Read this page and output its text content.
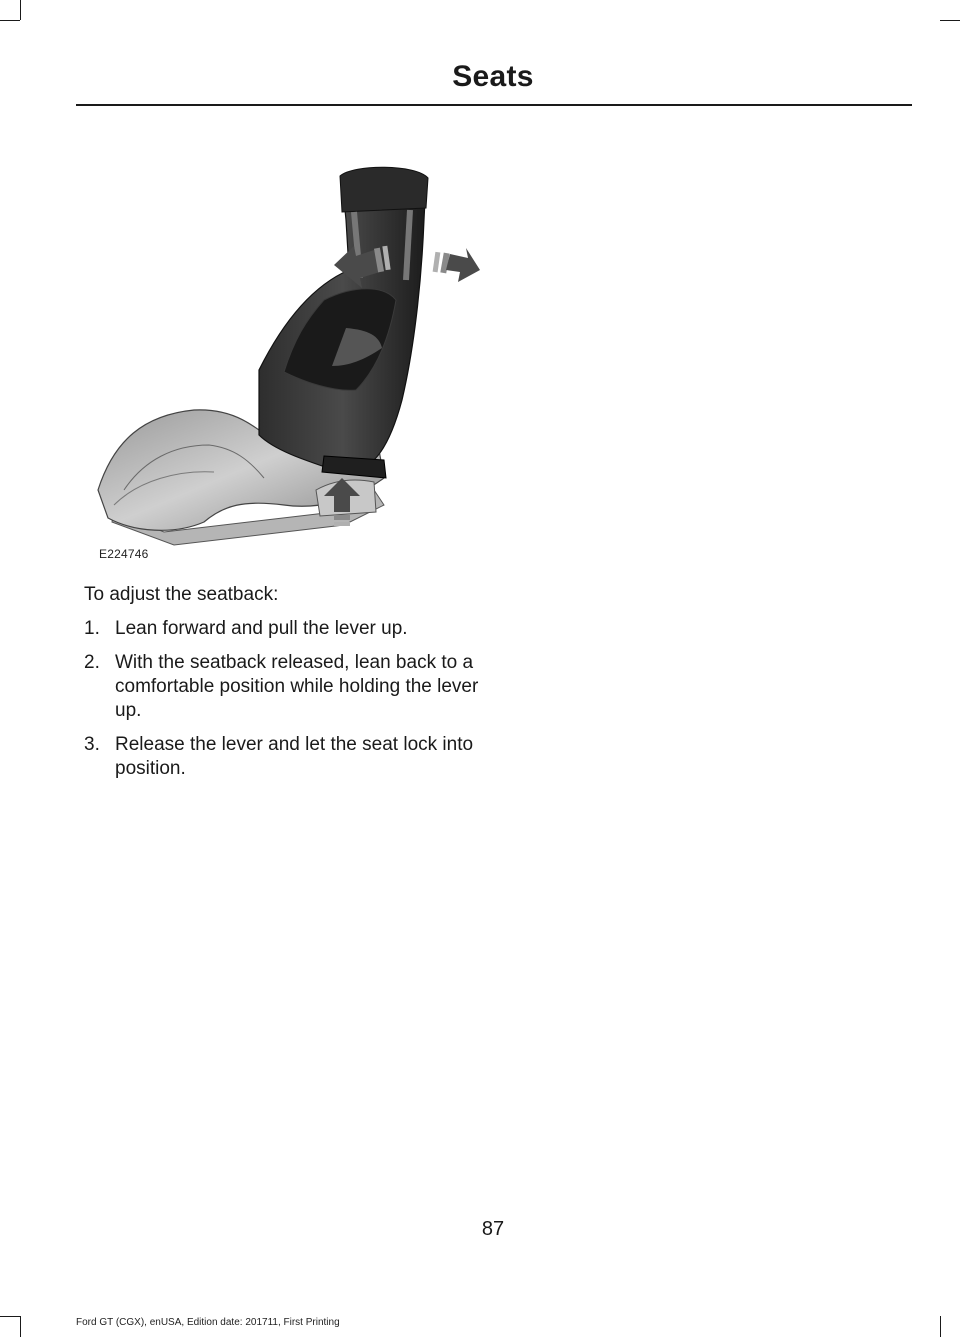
Seats
E224746

To adjust the seatback:

1. Lean forward and pull the lever up.
2. With the seatback released, lean back to a comfortable position while holding the lever up.
3. Release the lever and let the seat lock into position.
87
Ford GT (CGX), enUSA, Edition date: 201711, First Printing
